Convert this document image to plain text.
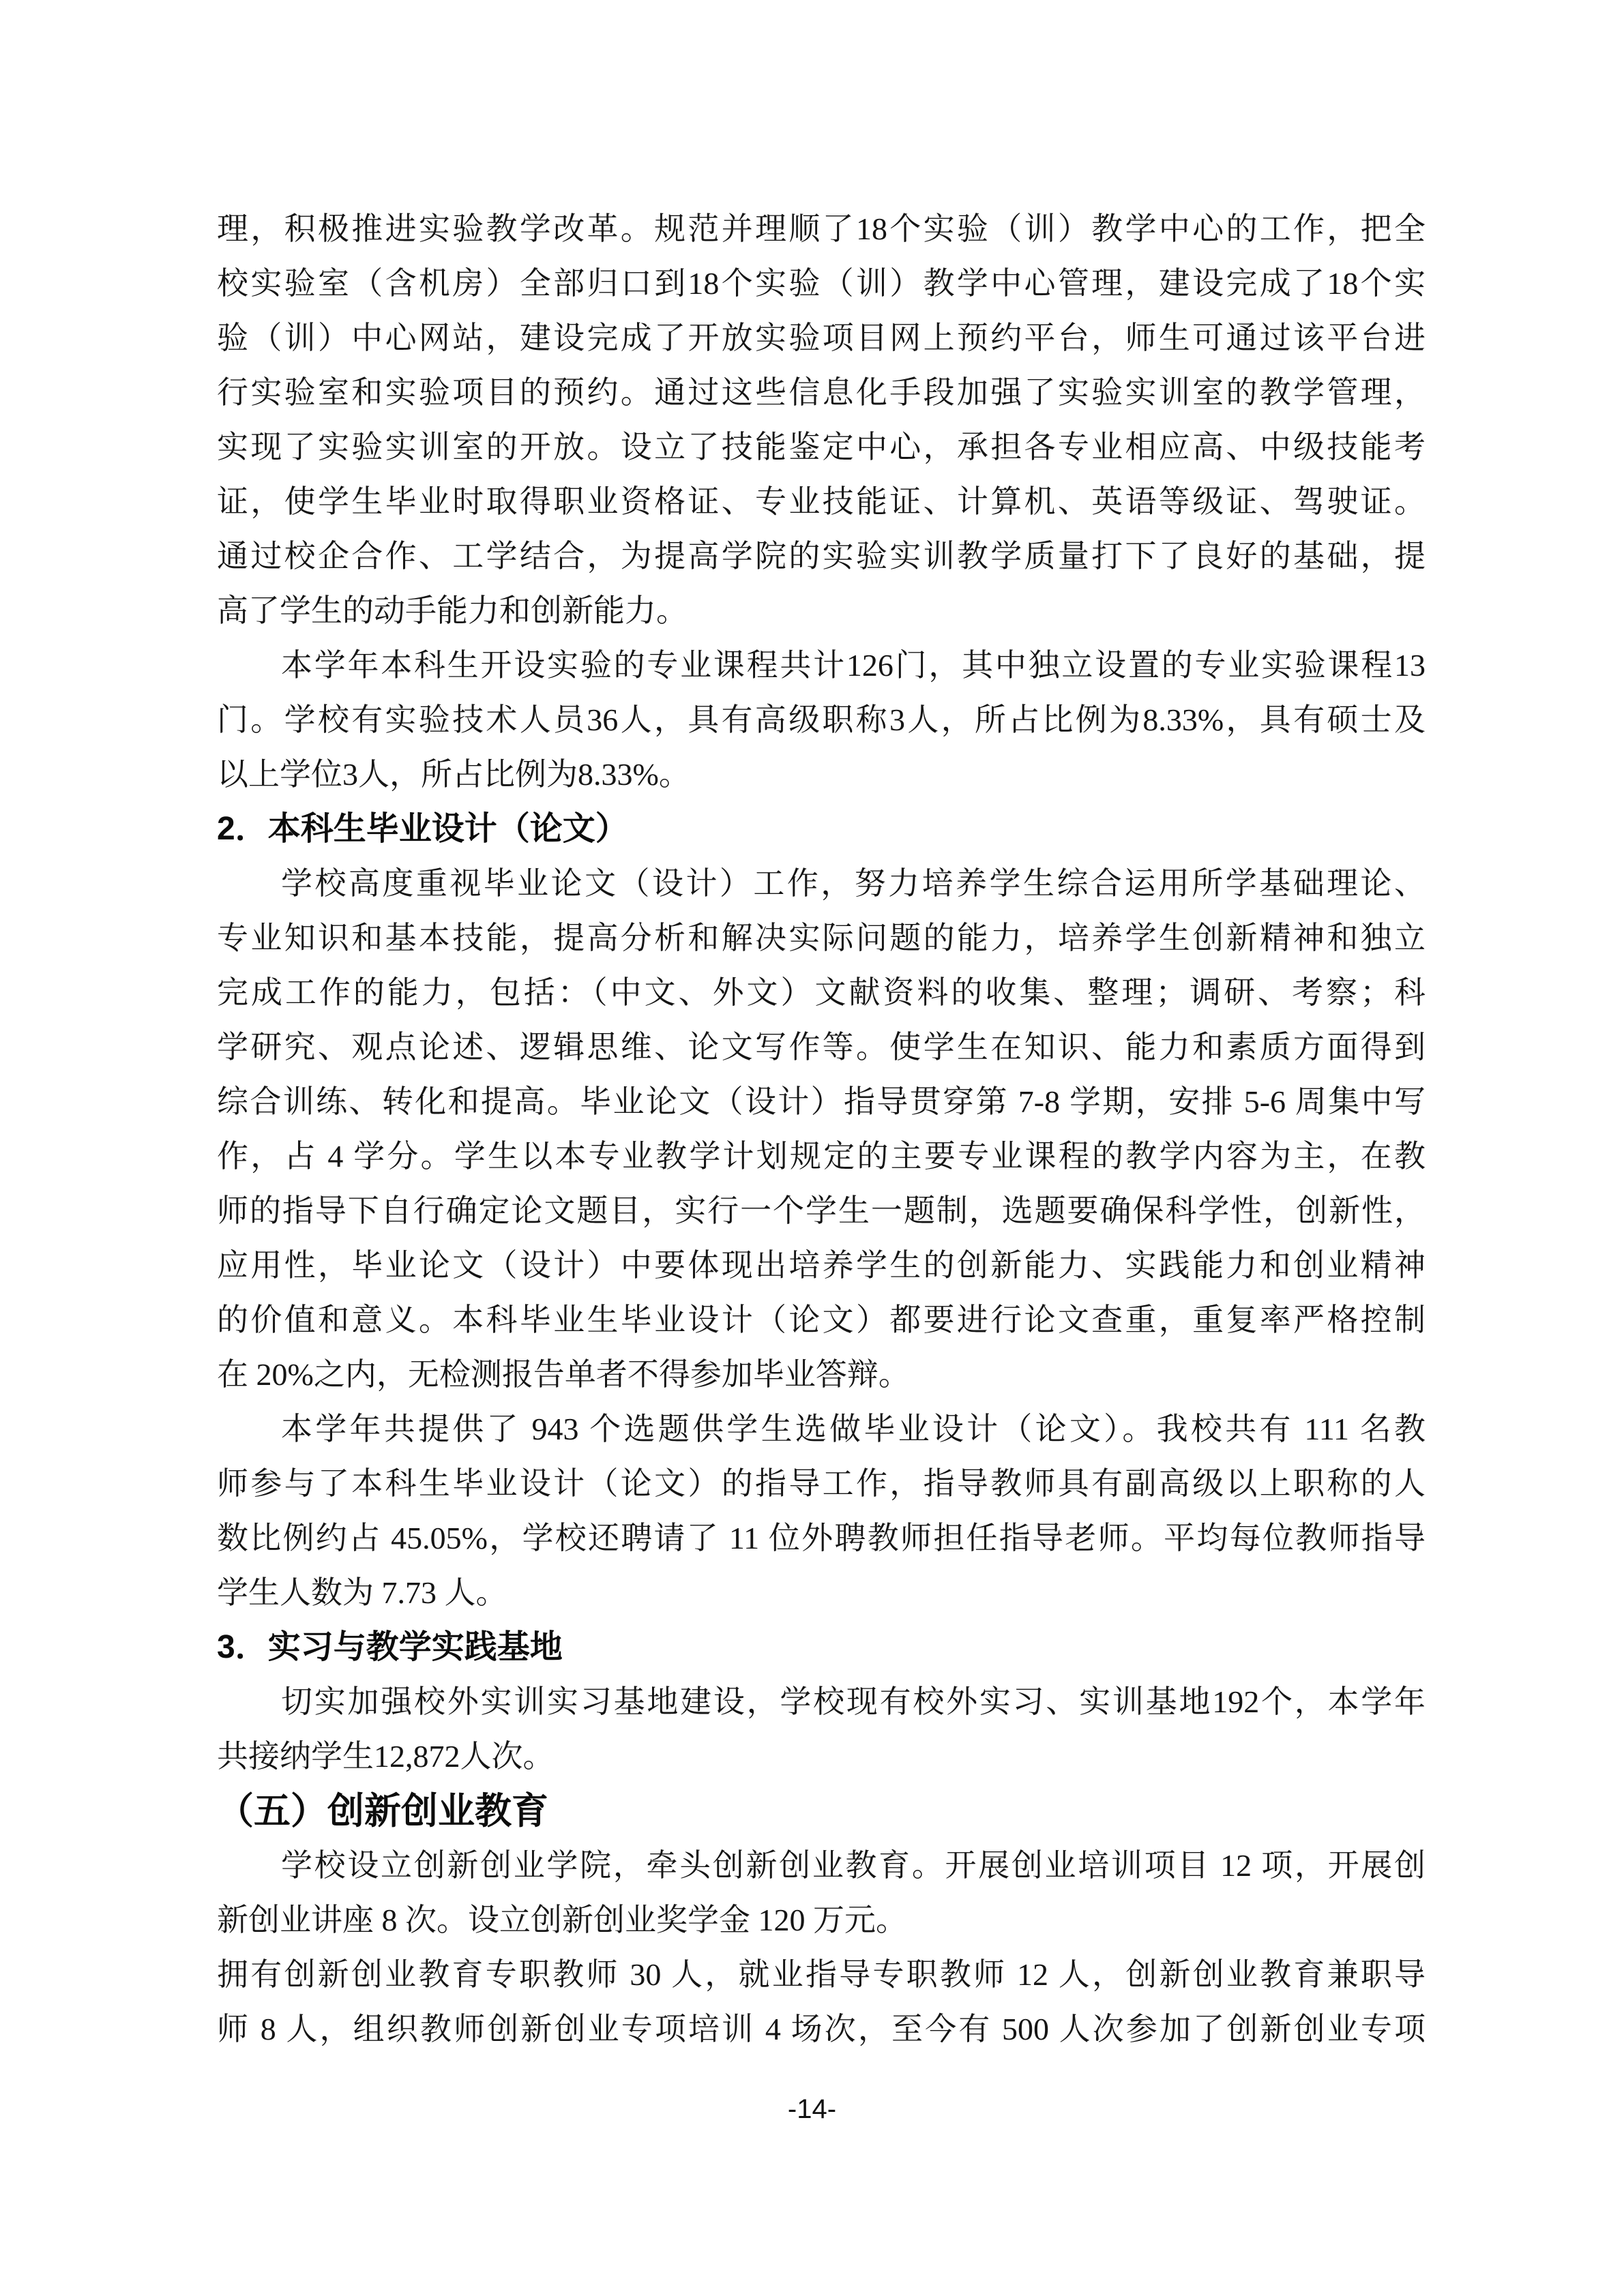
理，积极推进实验教学改革。规范并理顺了18个实验（训）教学中心的工作，把全
校实验室（含机房）全部归口到18个实验（训）教学中心管理，建设完成了18个实
验（训）中心网站，建设完成了开放实验项目网上预约平台，师生可通过该平台进
行实验室和实验项目的预约。通过这些信息化手段加强了实验实训室的教学管理，
实现了实验实训室的开放。设立了技能鉴定中心，承担各专业相应高、中级技能考
证，使学生毕业时取得职业资格证、专业技能证、计算机、英语等级证、驾驶证。
通过校企合作、工学结合，为提高学院的实验实训教学质量打下了良好的基础，提
高了学生的动手能力和创新能力。
本学年本科生开设实验的专业课程共计126门，其中独立设置的专业实验课程13
门。学校有实验技术人员36人，具有高级职称3人，所占比例为8.33%，具有硕士及
以上学位3人，所占比例为8.33%。
2．本科生毕业设计（论文）
学校高度重视毕业论文（设计）工作，努力培养学生综合运用所学基础理论、
专业知识和基本技能，提高分析和解决实际问题的能力，培养学生创新精神和独立
完成工作的能力，包括：（中文、外文）文献资料的收集、整理；调研、考察；科
学研究、观点论述、逻辑思维、论文写作等。使学生在知识、能力和素质方面得到
综合训练、转化和提高。毕业论文（设计）指导贯穿第 7-8 学期，安排 5-6 周集中写
作，占 4 学分。学生以本专业教学计划规定的主要专业课程的教学内容为主，在教
师的指导下自行确定论文题目，实行一个学生一题制，选题要确保科学性，创新性，
应用性，毕业论文（设计）中要体现出培养学生的创新能力、实践能力和创业精神
的价值和意义。本科毕业生毕业设计（论文）都要进行论文查重，重复率严格控制
在 20%之内，无检测报告单者不得参加毕业答辩。
本学年共提供了 943 个选题供学生选做毕业设计（论文）。我校共有 111 名教
师参与了本科生毕业设计（论文）的指导工作，指导教师具有副高级以上职称的人
数比例约占 45.05%，学校还聘请了 11 位外聘教师担任指导老师。平均每位教师指导
学生人数为 7.73 人。
3．实习与教学实践基地
切实加强校外实训实习基地建设，学校现有校外实习、实训基地192个，本学年
共接纳学生12,872人次。
（五）创新创业教育
学校设立创新创业学院，牵头创新创业教育。开展创业培训项目 12 项，开展创
新创业讲座 8 次。设立创新创业奖学金 120 万元。
拥有创新创业教育专职教师 30 人，就业指导专职教师 12 人，创新创业教育兼职导
师 8 人，组织教师创新创业专项培训 4 场次，至今有 500 人次参加了创新创业专项
-14-
